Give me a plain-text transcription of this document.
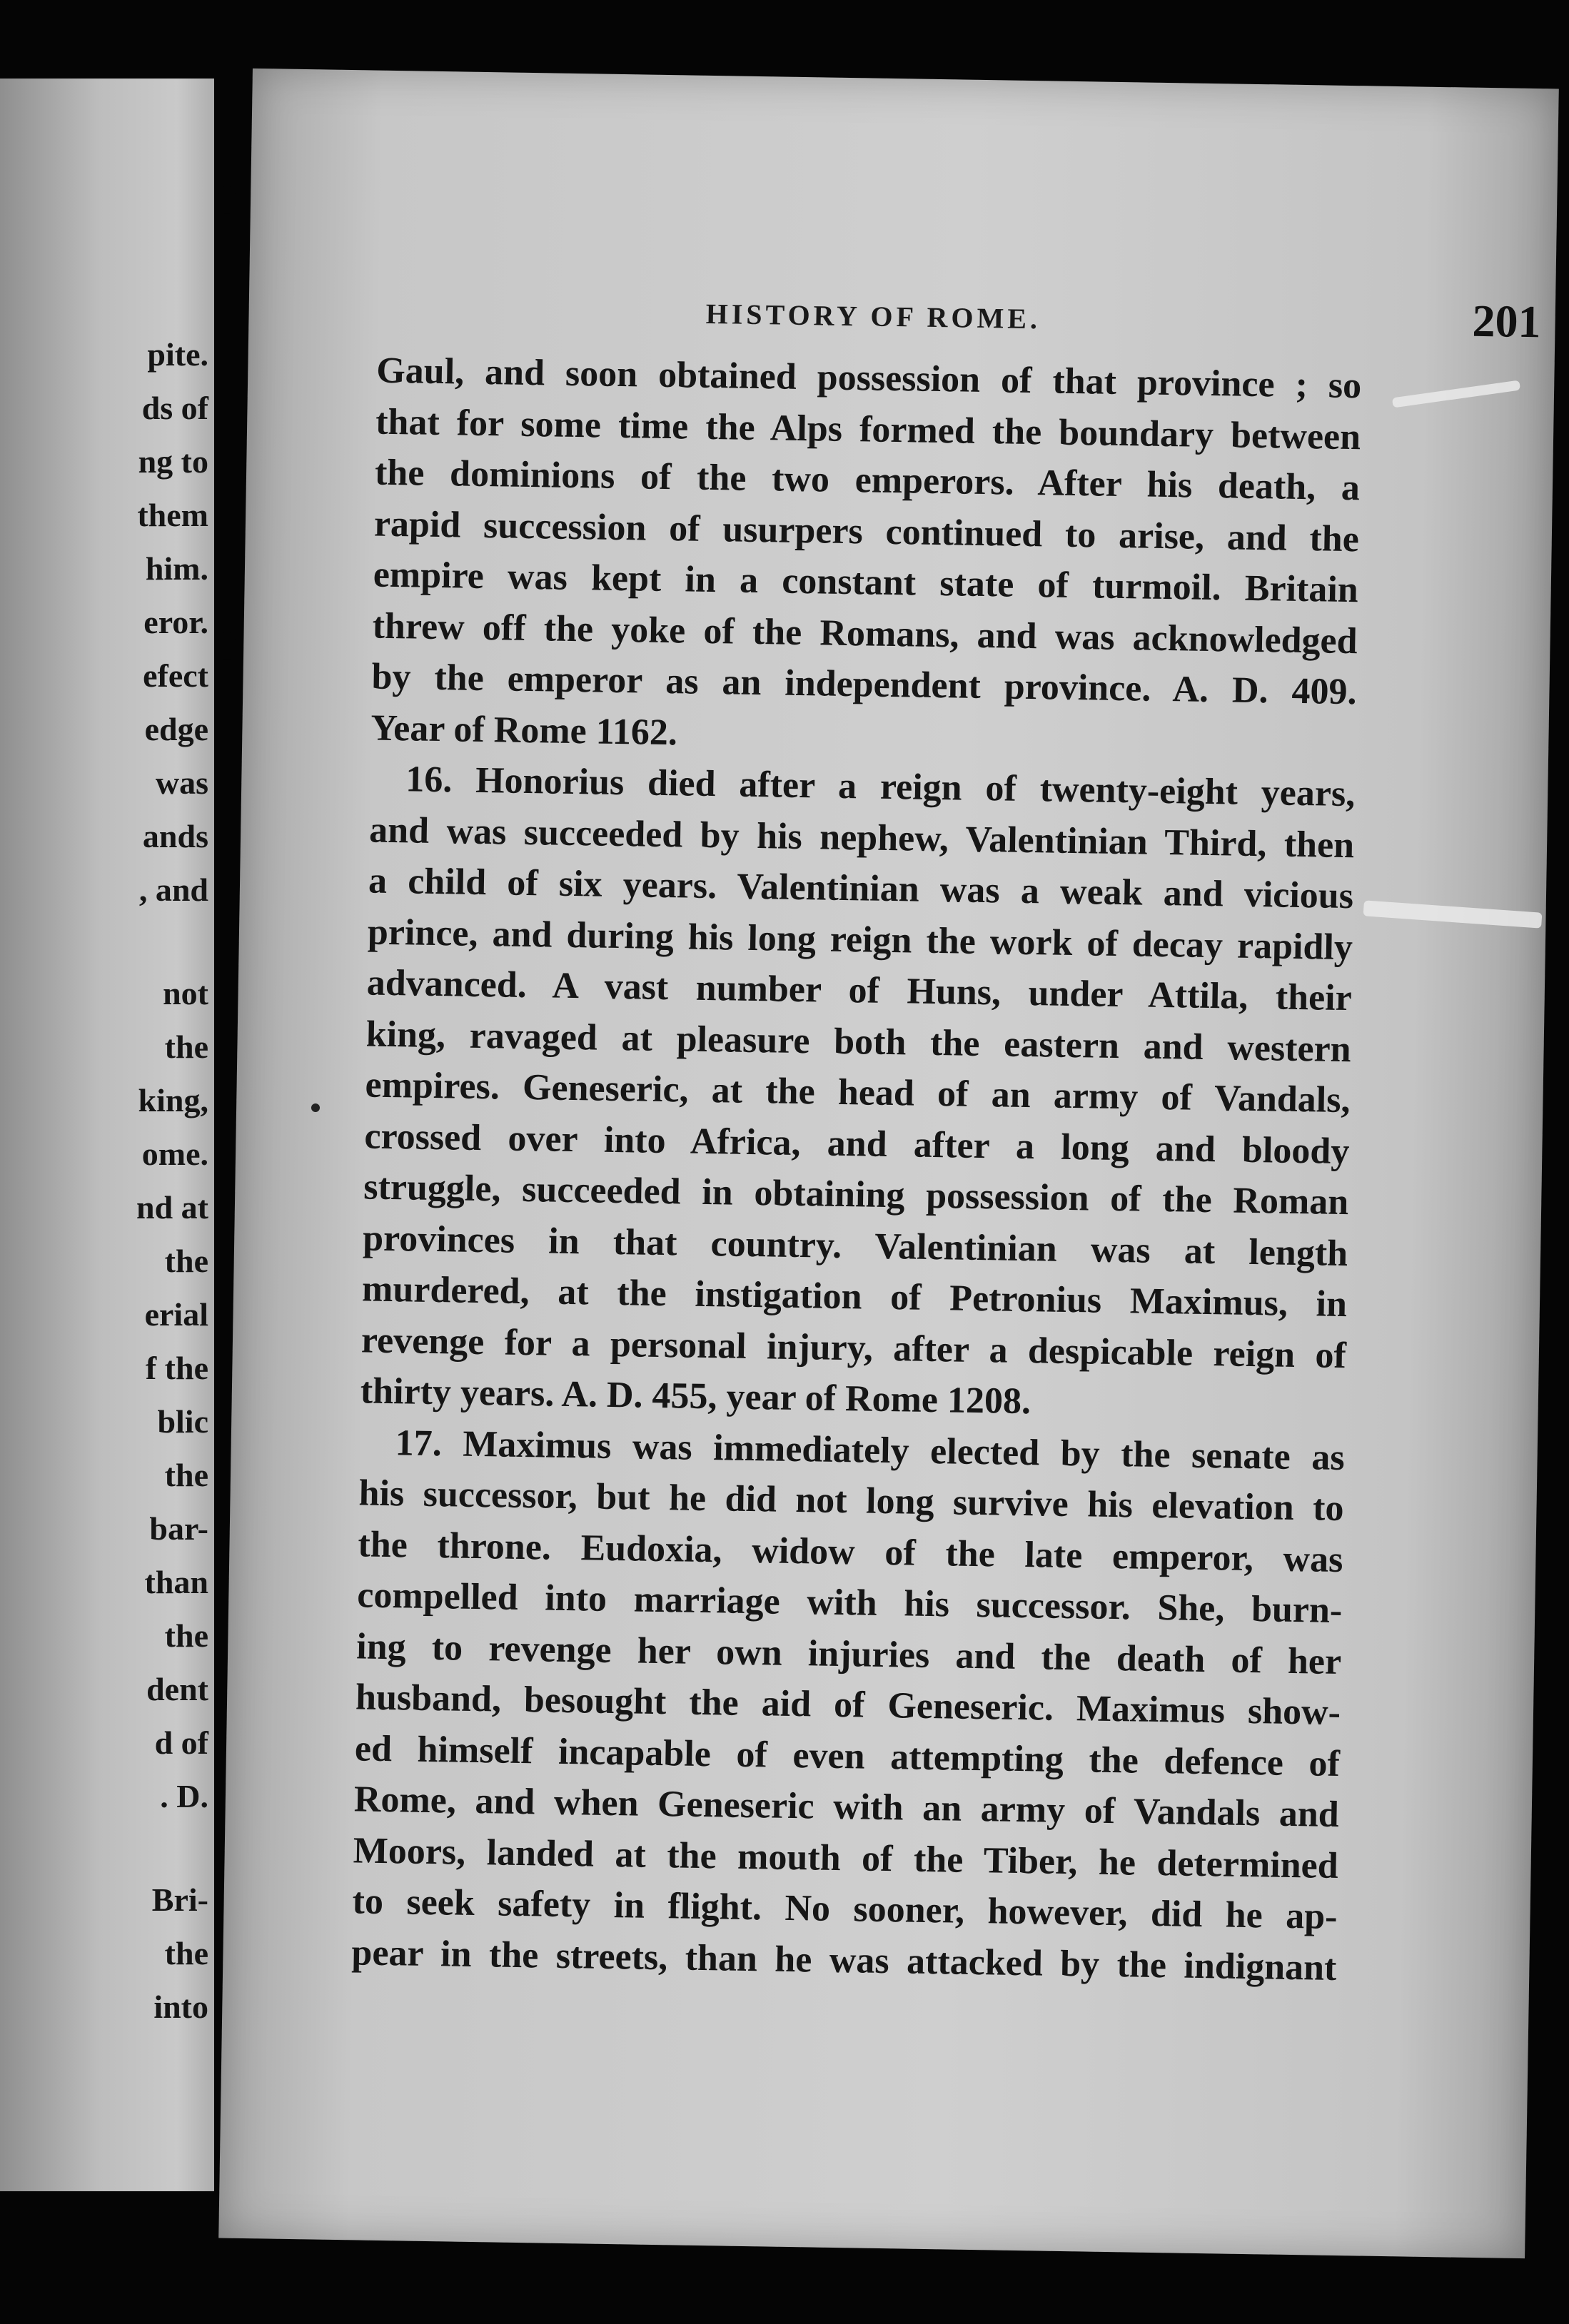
pite.
ds of
ng to
them
him.
eror.
efect
edge
was
ands
, and
not
the
king,
ome.
nd at
the
erial
f the
blic
the
bar-
than
the
dent
d of
. D.
Bri-
the
into
HISTORY OF ROME.	201
Gaul, and soon obtained possession of that province ; so
that for some time the Alps formed the boundary between
the dominions of the two emperors. After his death, a
rapid succession of usurpers continued to arise, and the
empire was kept in a constant state of turmoil. Britain
threw off the yoke of the Romans, and was acknowledged
by the emperor as an independent province. A. D. 409.
Year of Rome 1162.
16. Honorius died after a reign of twenty-eight years,
and was succeeded by his nephew, Valentinian Third, then
a child of six years. Valentinian was a weak and vicious
prince, and during his long reign the work of decay rapidly
advanced. A vast number of Huns, under Attila, their
king, ravaged at pleasure both the eastern and western
empires. Geneseric, at the head of an army of Vandals,
crossed over into Africa, and after a long and bloody
struggle, succeeded in obtaining possession of the Roman
provinces in that country. Valentinian was at length
murdered, at the instigation of Petronius Maximus, in
revenge for a personal injury, after a despicable reign of
thirty years. A. D. 455, year of Rome 1208.
17. Maximus was immediately elected by the senate as
his successor, but he did not long survive his elevation to
the throne. Eudoxia, widow of the late emperor, was
compelled into marriage with his successor. She, burn-
ing to revenge her own injuries and the death of her
husband, besought the aid of Geneseric. Maximus show-
ed himself incapable of even attempting the defence of
Rome, and when Geneseric with an army of Vandals and
Moors, landed at the mouth of the Tiber, he determined
to seek safety in flight. No sooner, however, did he ap-
pear in the streets, than he was attacked by the indignant
